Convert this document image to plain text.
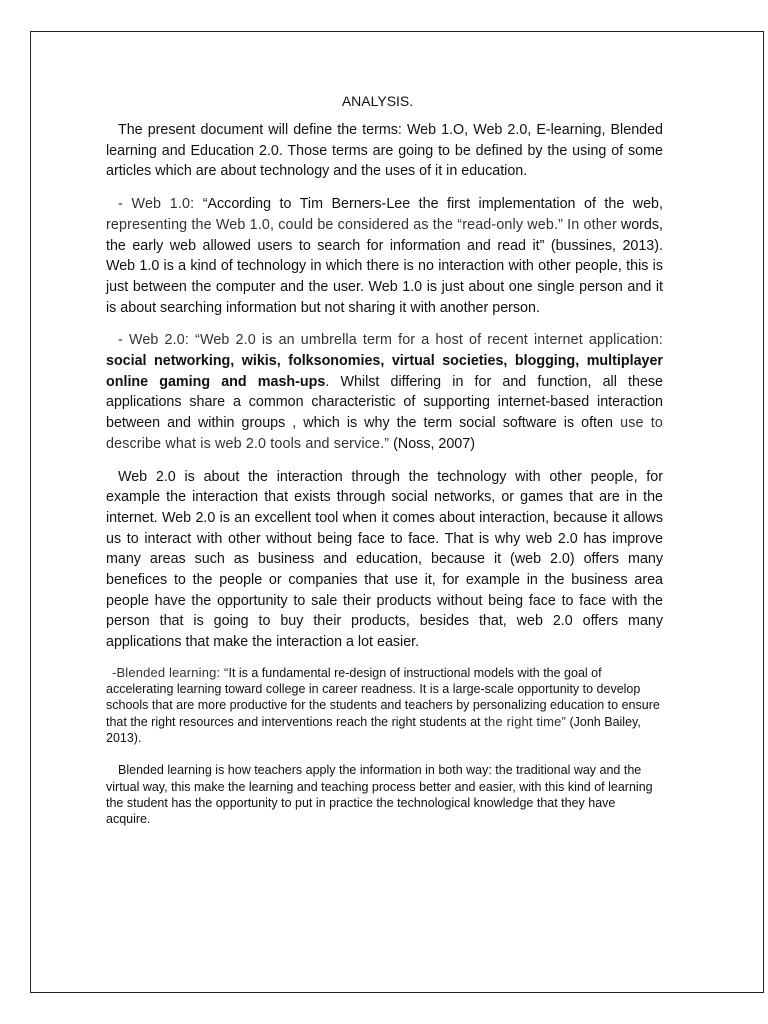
ANALYSIS.

The present document will define the terms: Web 1.O, Web 2.0, E-learning, Blended learning and Education 2.0. Those terms are going to be defined by the using of some articles which are about technology and the uses of it in education.

- Web 1.0: “According to Tim Berners-Lee the first implementation of the web, representing the Web 1.0, could be considered as the “read-only web.” In other words, the early web allowed users to search for information and read it” (bussines, 2013). Web 1.0 is a kind of technology in which there is no interaction with other people, this is just between the computer and the user. Web 1.0 is just about one single person and it is about searching information but not sharing it with another person.

- Web 2.0: “Web 2.0 is an umbrella term for a host of recent internet application: social networking, wikis, folksonomies, virtual societies, blogging, multiplayer online gaming and mash-ups. Whilst differing in for and function, all these applications share a common characteristic of supporting internet-based interaction between and within groups , which is why the term social software is often use to describe what is web 2.0 tools and service.” (Noss, 2007)

Web 2.0 is about the interaction through the technology with other people, for example the interaction that exists through social networks, or games that are in the internet. Web 2.0 is an excellent tool when it comes about interaction, because it allows us to interact with other without being face to face. That is why web 2.0 has improve many areas such as business and education, because it (web 2.0) offers many benefices to the people or companies that use it, for example in the business area people have the opportunity to sale their products without being face to face with the person that is going to buy their products, besides that, web 2.0 offers many applications that make the interaction a lot easier.

-Blended learning: “It is a fundamental re-design of instructional models with the goal of accelerating learning toward college in career readness. It is a large-scale opportunity to develop schools that are more productive for the students and teachers by personalizing education to ensure that the right resources and interventions reach the right students at the right time” (Jonh Bailey, 2013).

Blended learning is how teachers apply the information in both way: the traditional way and the virtual way, this make the learning and teaching process better and easier, with this kind of learning the student has the opportunity to put in practice the technological knowledge that they have acquire.
